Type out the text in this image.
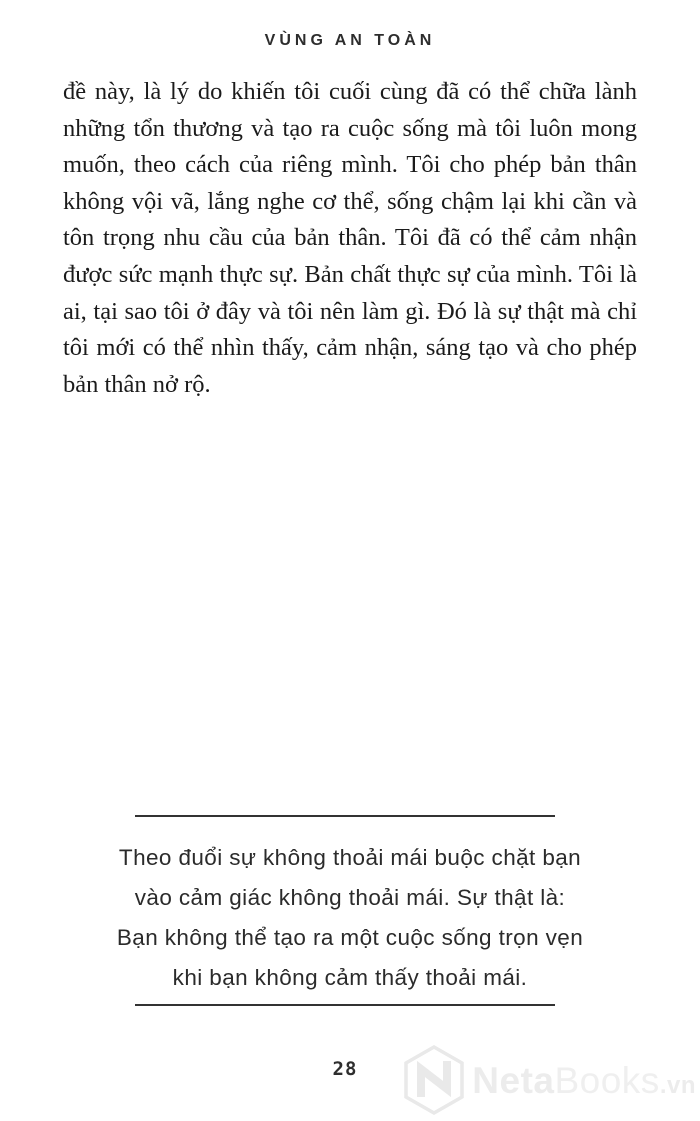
VÙNG AN TOÀN
đề này, là lý do khiến tôi cuối cùng đã có thể chữa lành những tổn thương và tạo ra cuộc sống mà tôi luôn mong muốn, theo cách của riêng mình. Tôi cho phép bản thân không vội vã, lắng nghe cơ thể, sống chậm lại khi cần và tôn trọng nhu cầu của bản thân. Tôi đã có thể cảm nhận được sức mạnh thực sự. Bản chất thực sự của mình. Tôi là ai, tại sao tôi ở đây và tôi nên làm gì. Đó là sự thật mà chỉ tôi mới có thể nhìn thấy, cảm nhận, sáng tạo và cho phép bản thân nở rộ.
Theo đuổi sự không thoải mái buộc chặt bạn
vào cảm giác không thoải mái. Sự thật là:
Bạn không thể tạo ra một cuộc sống trọn vẹn
khi bạn không cảm thấy thoải mái.
28	NetaBooks.vn
